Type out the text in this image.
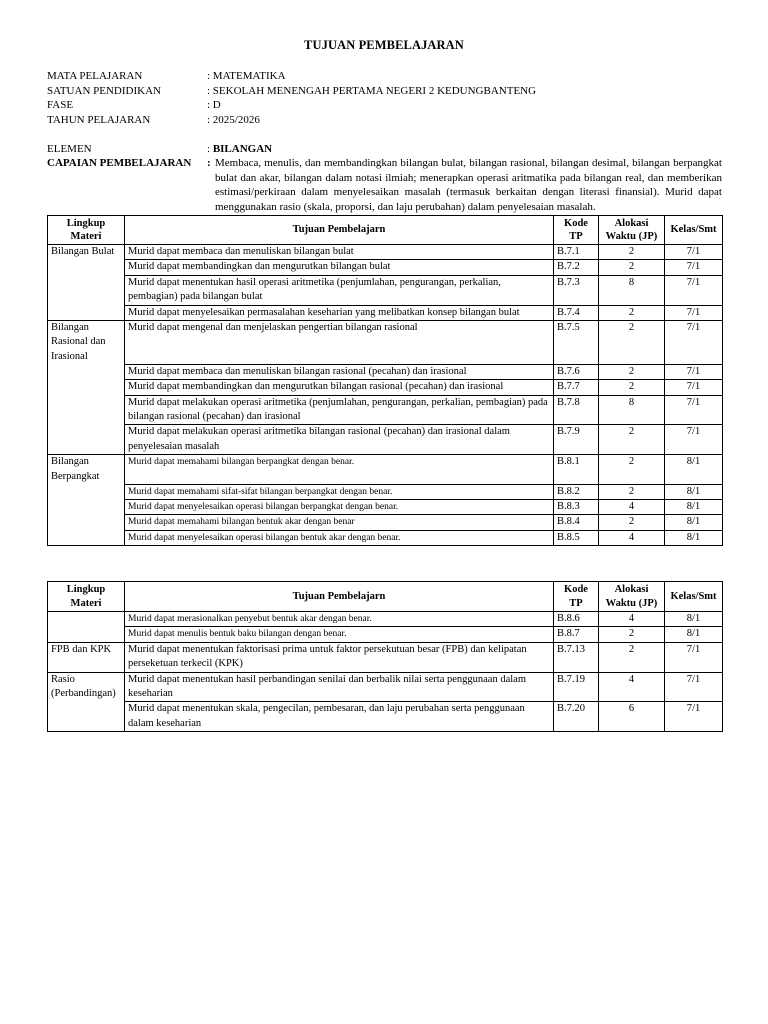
TUJUAN PEMBELAJARAN
MATA PELAJARAN	: MATEMATIKA
SATUAN PENDIDIKAN	: SEKOLAH MENENGAH PERTAMA NEGERI 2 KEDUNGBANTENG
FASE	: D
TAHUN PELAJARAN	: 2025/2026
ELEMEN	: BILANGAN
CAPAIAN PEMBELAJARAN	: Membaca, menulis, dan membandingkan bilangan bulat, bilangan rasional, bilangan desimal, bilangan berpangkat bulat dan akar, bilangan dalam notasi ilmiah; menerapkan operasi aritmatika pada bilangan real, dan memberikan estimasi/perkiraan dalam menyelesaikan masalah (termasuk berkaitan dengan literasi finansial). Murid dapat menggunakan rasio (skala, proporsi, dan laju perubahan) dalam penyelesaian masalah.
Lingkup Materi	Tujuan Pembelajarn	Kode TP	Alokasi Waktu (JP)	Kelas/Smt
Bilangan Bulat	Murid dapat membaca dan menuliskan bilangan bulat	B.7.1	2	7/1
	Murid dapat membandingkan dan mengurutkan bilangan bulat	B.7.2	2	7/1
	Murid dapat menentukan hasil operasi aritmetika (penjumlahan, pengurangan, perkalian, pembagian) pada bilangan bulat	B.7.3	8	7/1
	Murid dapat menyelesaikan permasalahan keseharian yang melibatkan konsep bilangan bulat	B.7.4	2	7/1
Bilangan Rasional dan Irasional	Murid dapat mengenal dan menjelaskan pengertian bilangan rasional	B.7.5	2	7/1
	Murid dapat membaca dan menuliskan bilangan rasional (pecahan) dan irasional	B.7.6	2	7/1
	Murid dapat membandingkan dan mengurutkan bilangan rasional (pecahan) dan irasional	B.7.7	2	7/1
	Murid dapat melakukan operasi aritmetika (penjumlahan, pengurangan, perkalian, pembagian) pada bilangan rasional (pecahan) dan irasional	B.7.8	8	7/1
	Murid dapat melakukan operasi aritmetika bilangan rasional (pecahan) dan irasional dalam penyelesaian masalah	B.7.9	2	7/1
Bilangan Berpangkat	Murid dapat memahami bilangan berpangkat dengan benar.	B.8.1	2	8/1
	Murid dapat memahami sifat-sifat bilangan berpangkat dengan benar.	B.8.2	2	8/1
	Murid dapat menyelesaikan operasi bilangan berpangkat dengan benar.	B.8.3	4	8/1
	Murid dapat memahami bilangan bentuk akar dengan benar	B.8.4	2	8/1
	Murid dapat menyelesaikan operasi bilangan bentuk akar dengan benar.	B.8.5	4	8/1
Lingkup Materi	Tujuan Pembelajarn	Kode TP	Alokasi Waktu (JP)	Kelas/Smt
	Murid dapat merasionalkan penyebut bentuk akar dengan benar.	B.8.6	4	8/1
	Murid dapat menulis bentuk baku bilangan dengan benar.	B.8.7	2	8/1
FPB dan KPK	Murid dapat menentukan faktorisasi prima untuk faktor persekutuan besar (FPB) dan kelipatan perseketuan terkecil (KPK)	B.7.13	2	7/1
Rasio (Perbandingan)	Murid dapat menentukan hasil perbandingan senilai dan berbalik nilai serta penggunaan dalam keseharian	B.7.19	4	7/1
	Murid dapat menentukan skala, pengecilan, pembesaran, dan laju perubahan serta penggunaan dalam keseharian	B.7.20	6	7/1
